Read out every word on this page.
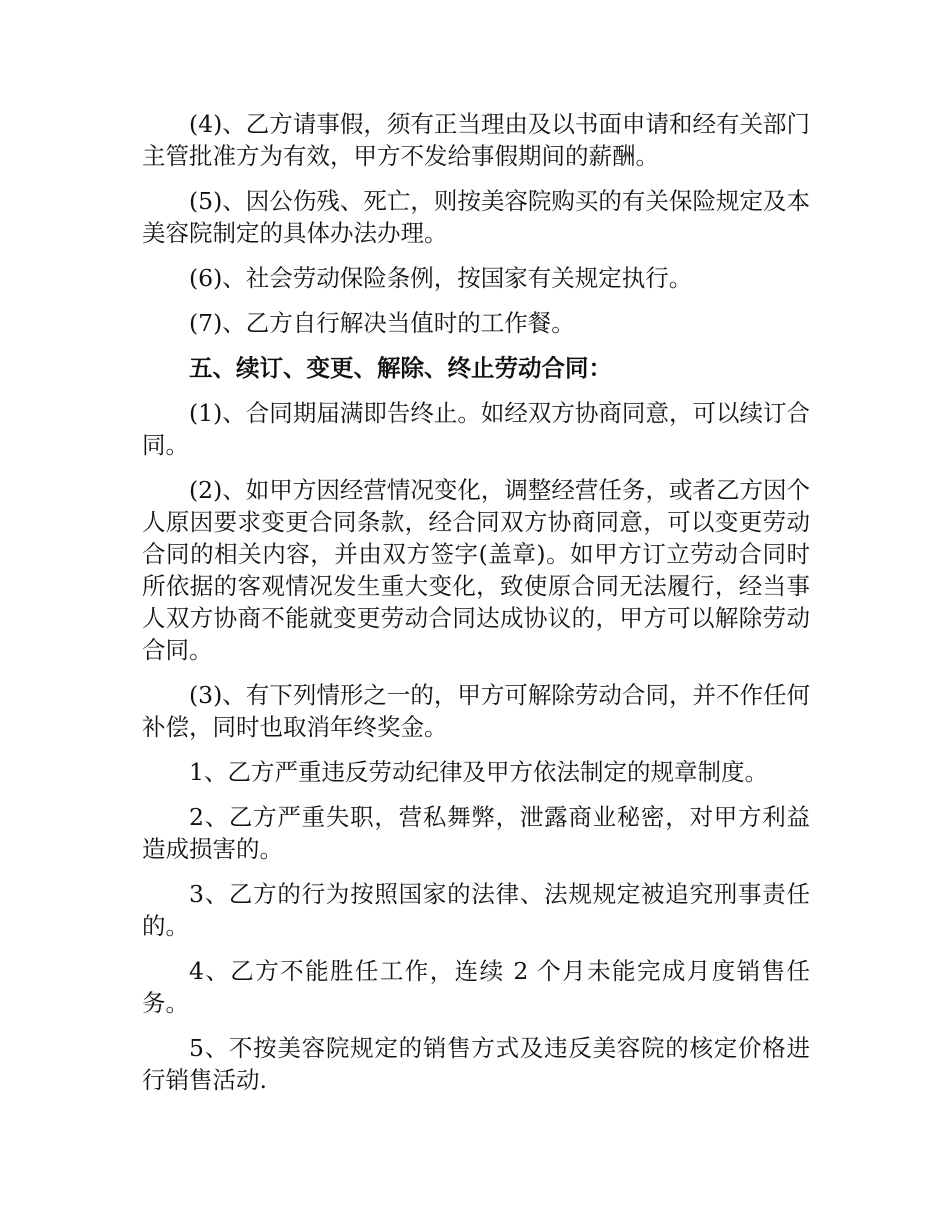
(4)、乙方请事假，须有正当理由及以书面申请和经有关部门主管批准方为有效，甲方不发给事假期间的薪酬。

(5)、因公伤残、死亡，则按美容院购买的有关保险规定及本美容院制定的具体办法办理。

(6)、社会劳动保险条例，按国家有关规定执行。

(7)、乙方自行解决当值时的工作餐。

五、续订、变更、解除、终止劳动合同：

(1)、合同期届满即告终止。如经双方协商同意，可以续订合同。

(2)、如甲方因经营情况变化，调整经营任务，或者乙方因个人原因要求变更合同条款，经合同双方协商同意，可以变更劳动合同的相关内容，并由双方签字(盖章)。如甲方订立劳动合同时所依据的客观情况发生重大变化，致使原合同无法履行，经当事人双方协商不能就变更劳动合同达成协议的，甲方可以解除劳动合同。

(3)、有下列情形之一的，甲方可解除劳动合同，并不作任何补偿，同时也取消年终奖金。

1、乙方严重违反劳动纪律及甲方依法制定的规章制度。

2、乙方严重失职，营私舞弊，泄露商业秘密，对甲方利益造成损害的。

3、乙方的行为按照国家的法律、法规规定被追究刑事责任的。

4、乙方不能胜任工作，连续 2 个月未能完成月度销售任务。

5、不按美容院规定的销售方式及违反美容院的核定价格进行销售活动.
